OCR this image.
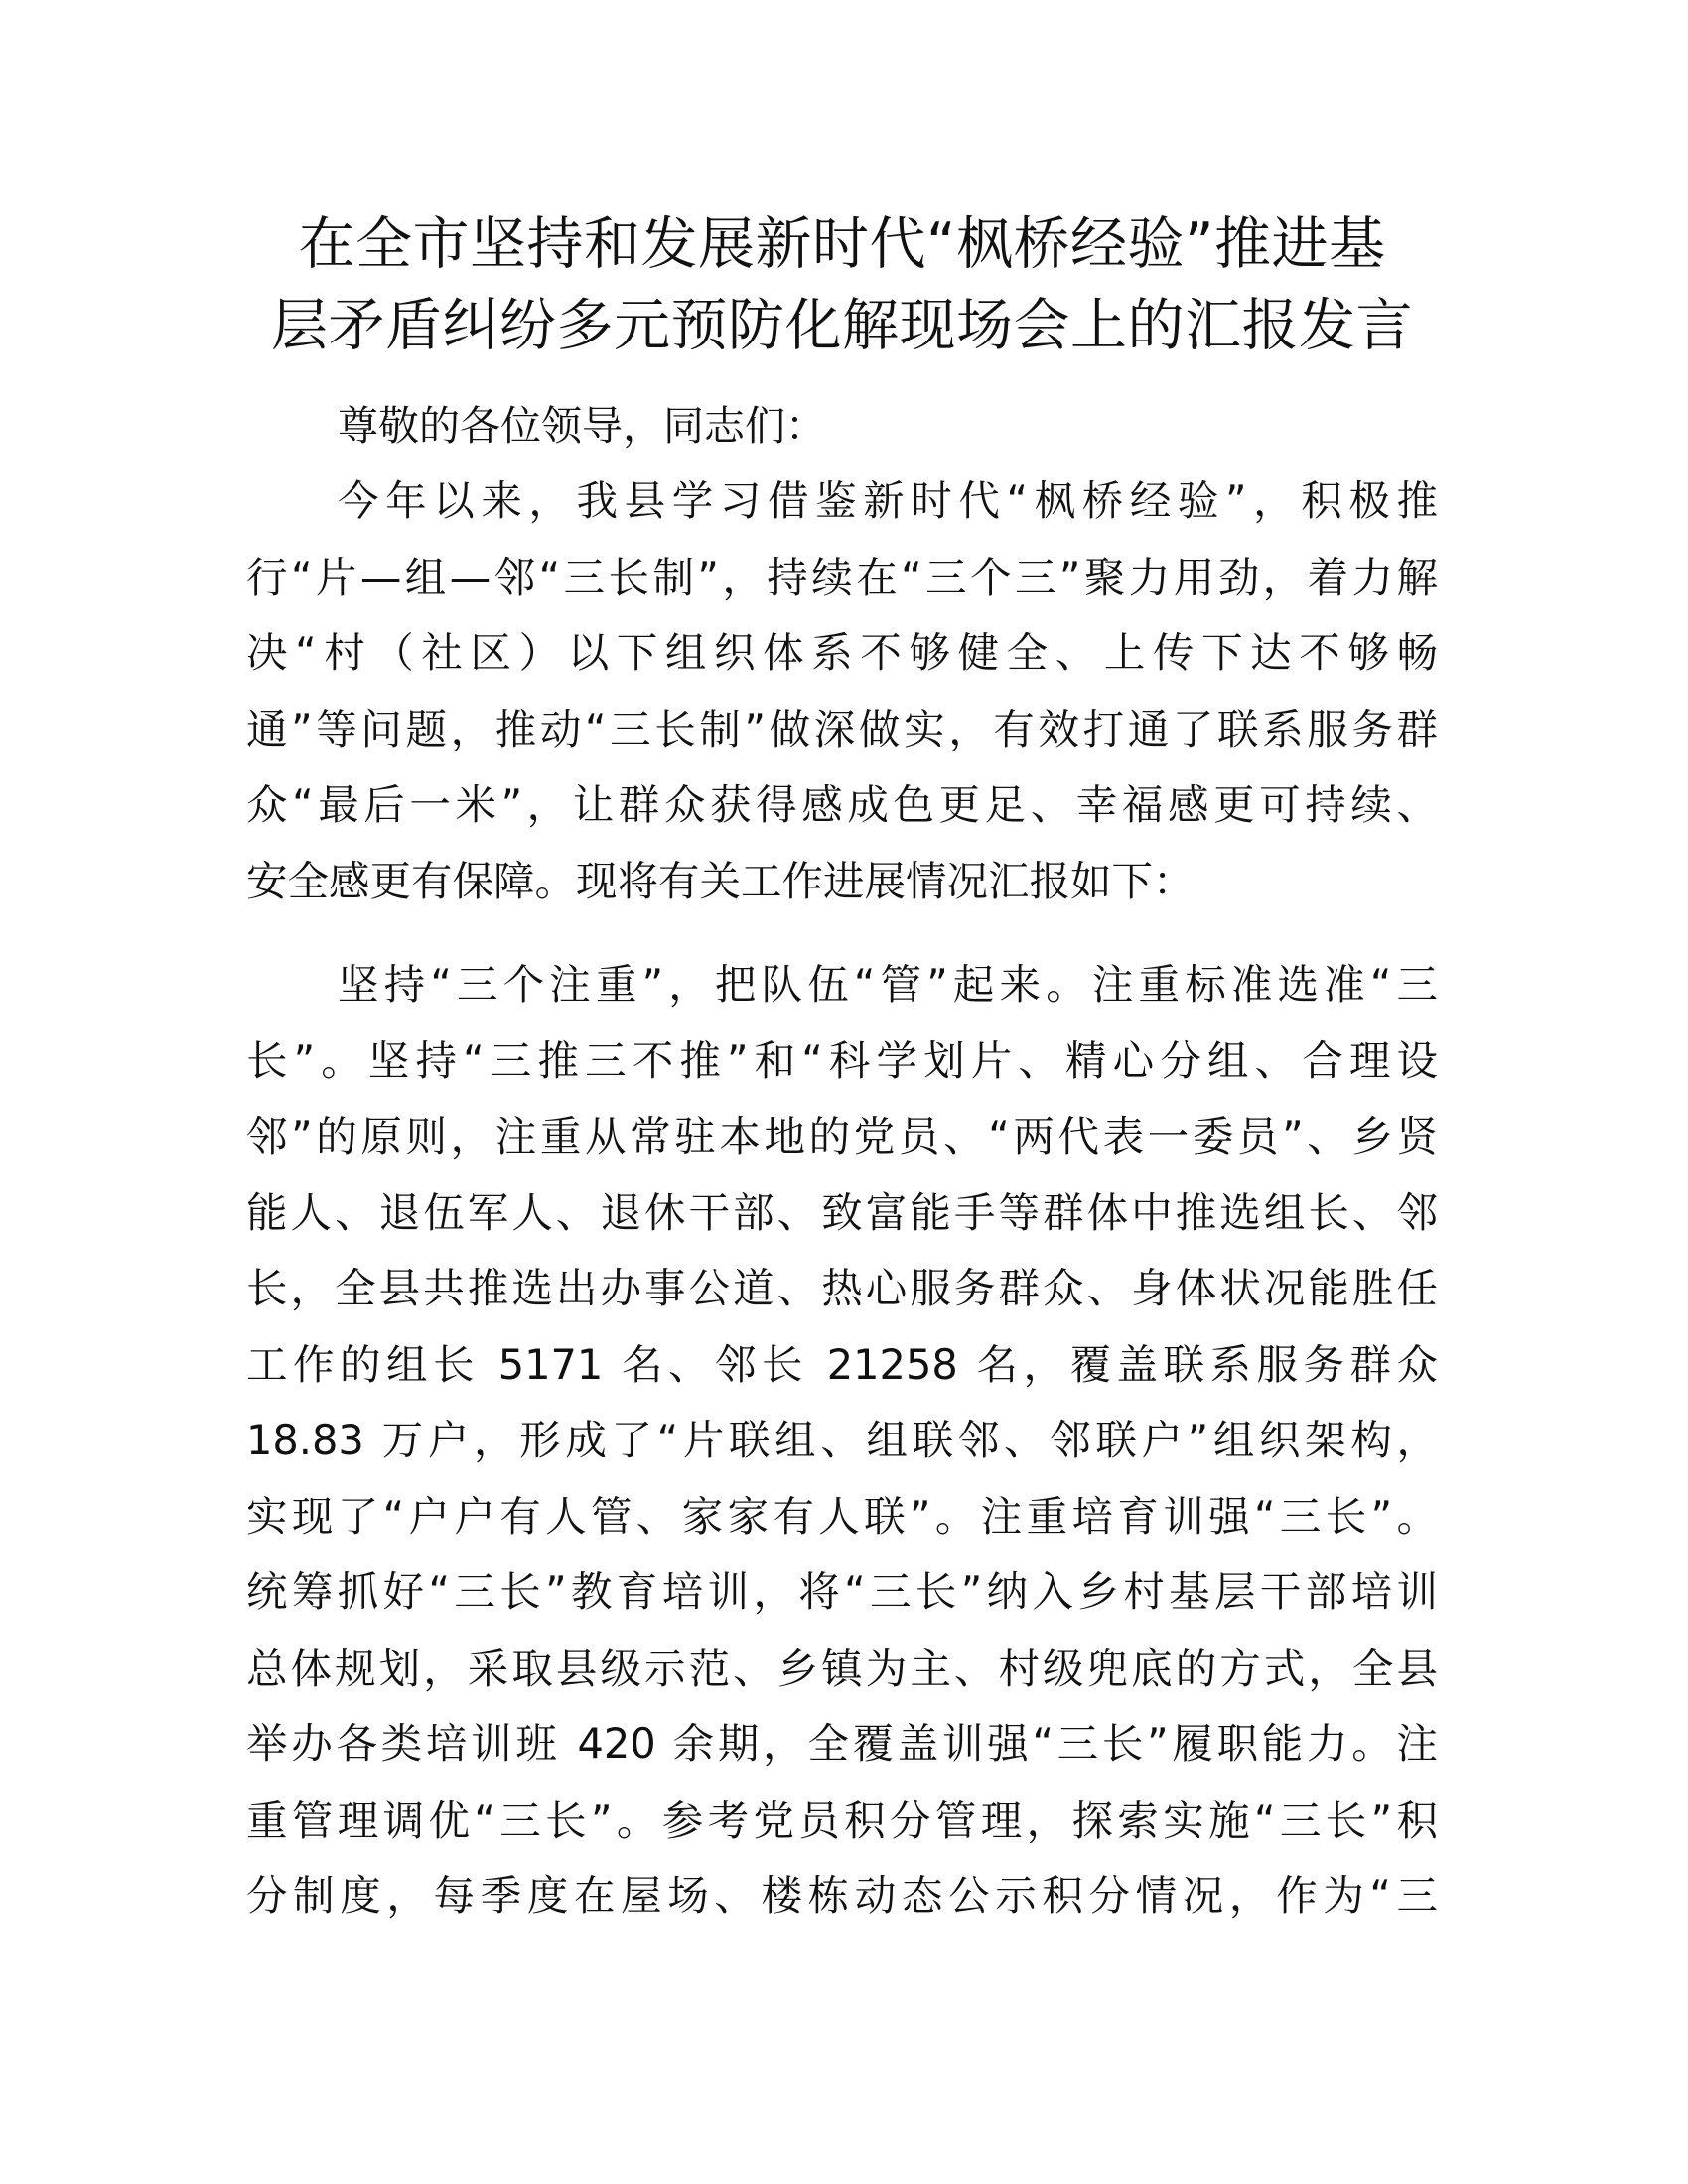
在全市坚持和发展新时代“枫桥经验”推进基
层矛盾纠纷多元预防化解现场会上的汇报发言

尊敬的各位领导，同志们：

今年以来，我县学习借鉴新时代“枫桥经验”，积极推
行“片—组—邻“三长制”，持续在“三个三”聚力用劲，着力解
决“村（社区）以下组织体系不够健全、上传下达不够畅
通”等问题，推动“三长制”做深做实，有效打通了联系服务群
众“最后一米”，让群众获得感成色更足、幸福感更可持续、
安全感更有保障。现将有关工作进展情况汇报如下：

坚持“三个注重”，把队伍“管”起来。注重标准选准“三
长”。坚持“三推三不推”和“科学划片、精心分组、合理设
邻”的原则，注重从常驻本地的党员、“两代表一委员”、乡贤
能人、退伍军人、退休干部、致富能手等群体中推选组长、邻
长，全县共推选出办事公道、热心服务群众、身体状况能胜任
工作的组长 5171 名、邻长 21258 名，覆盖联系服务群众
18.83 万户，形成了“片联组、组联邻、邻联户”组织架构，
实现了“户户有人管、家家有人联”。注重培育训强“三长”。
统筹抓好“三长”教育培训，将“三长”纳入乡村基层干部培训
总体规划，采取县级示范、乡镇为主、村级兜底的方式，全县
举办各类培训班 420 余期，全覆盖训强“三长”履职能力。注
重管理调优“三长”。参考党员积分管理，探索实施“三长”积
分制度，每季度在屋场、楼栋动态公示积分情况，作为“三
